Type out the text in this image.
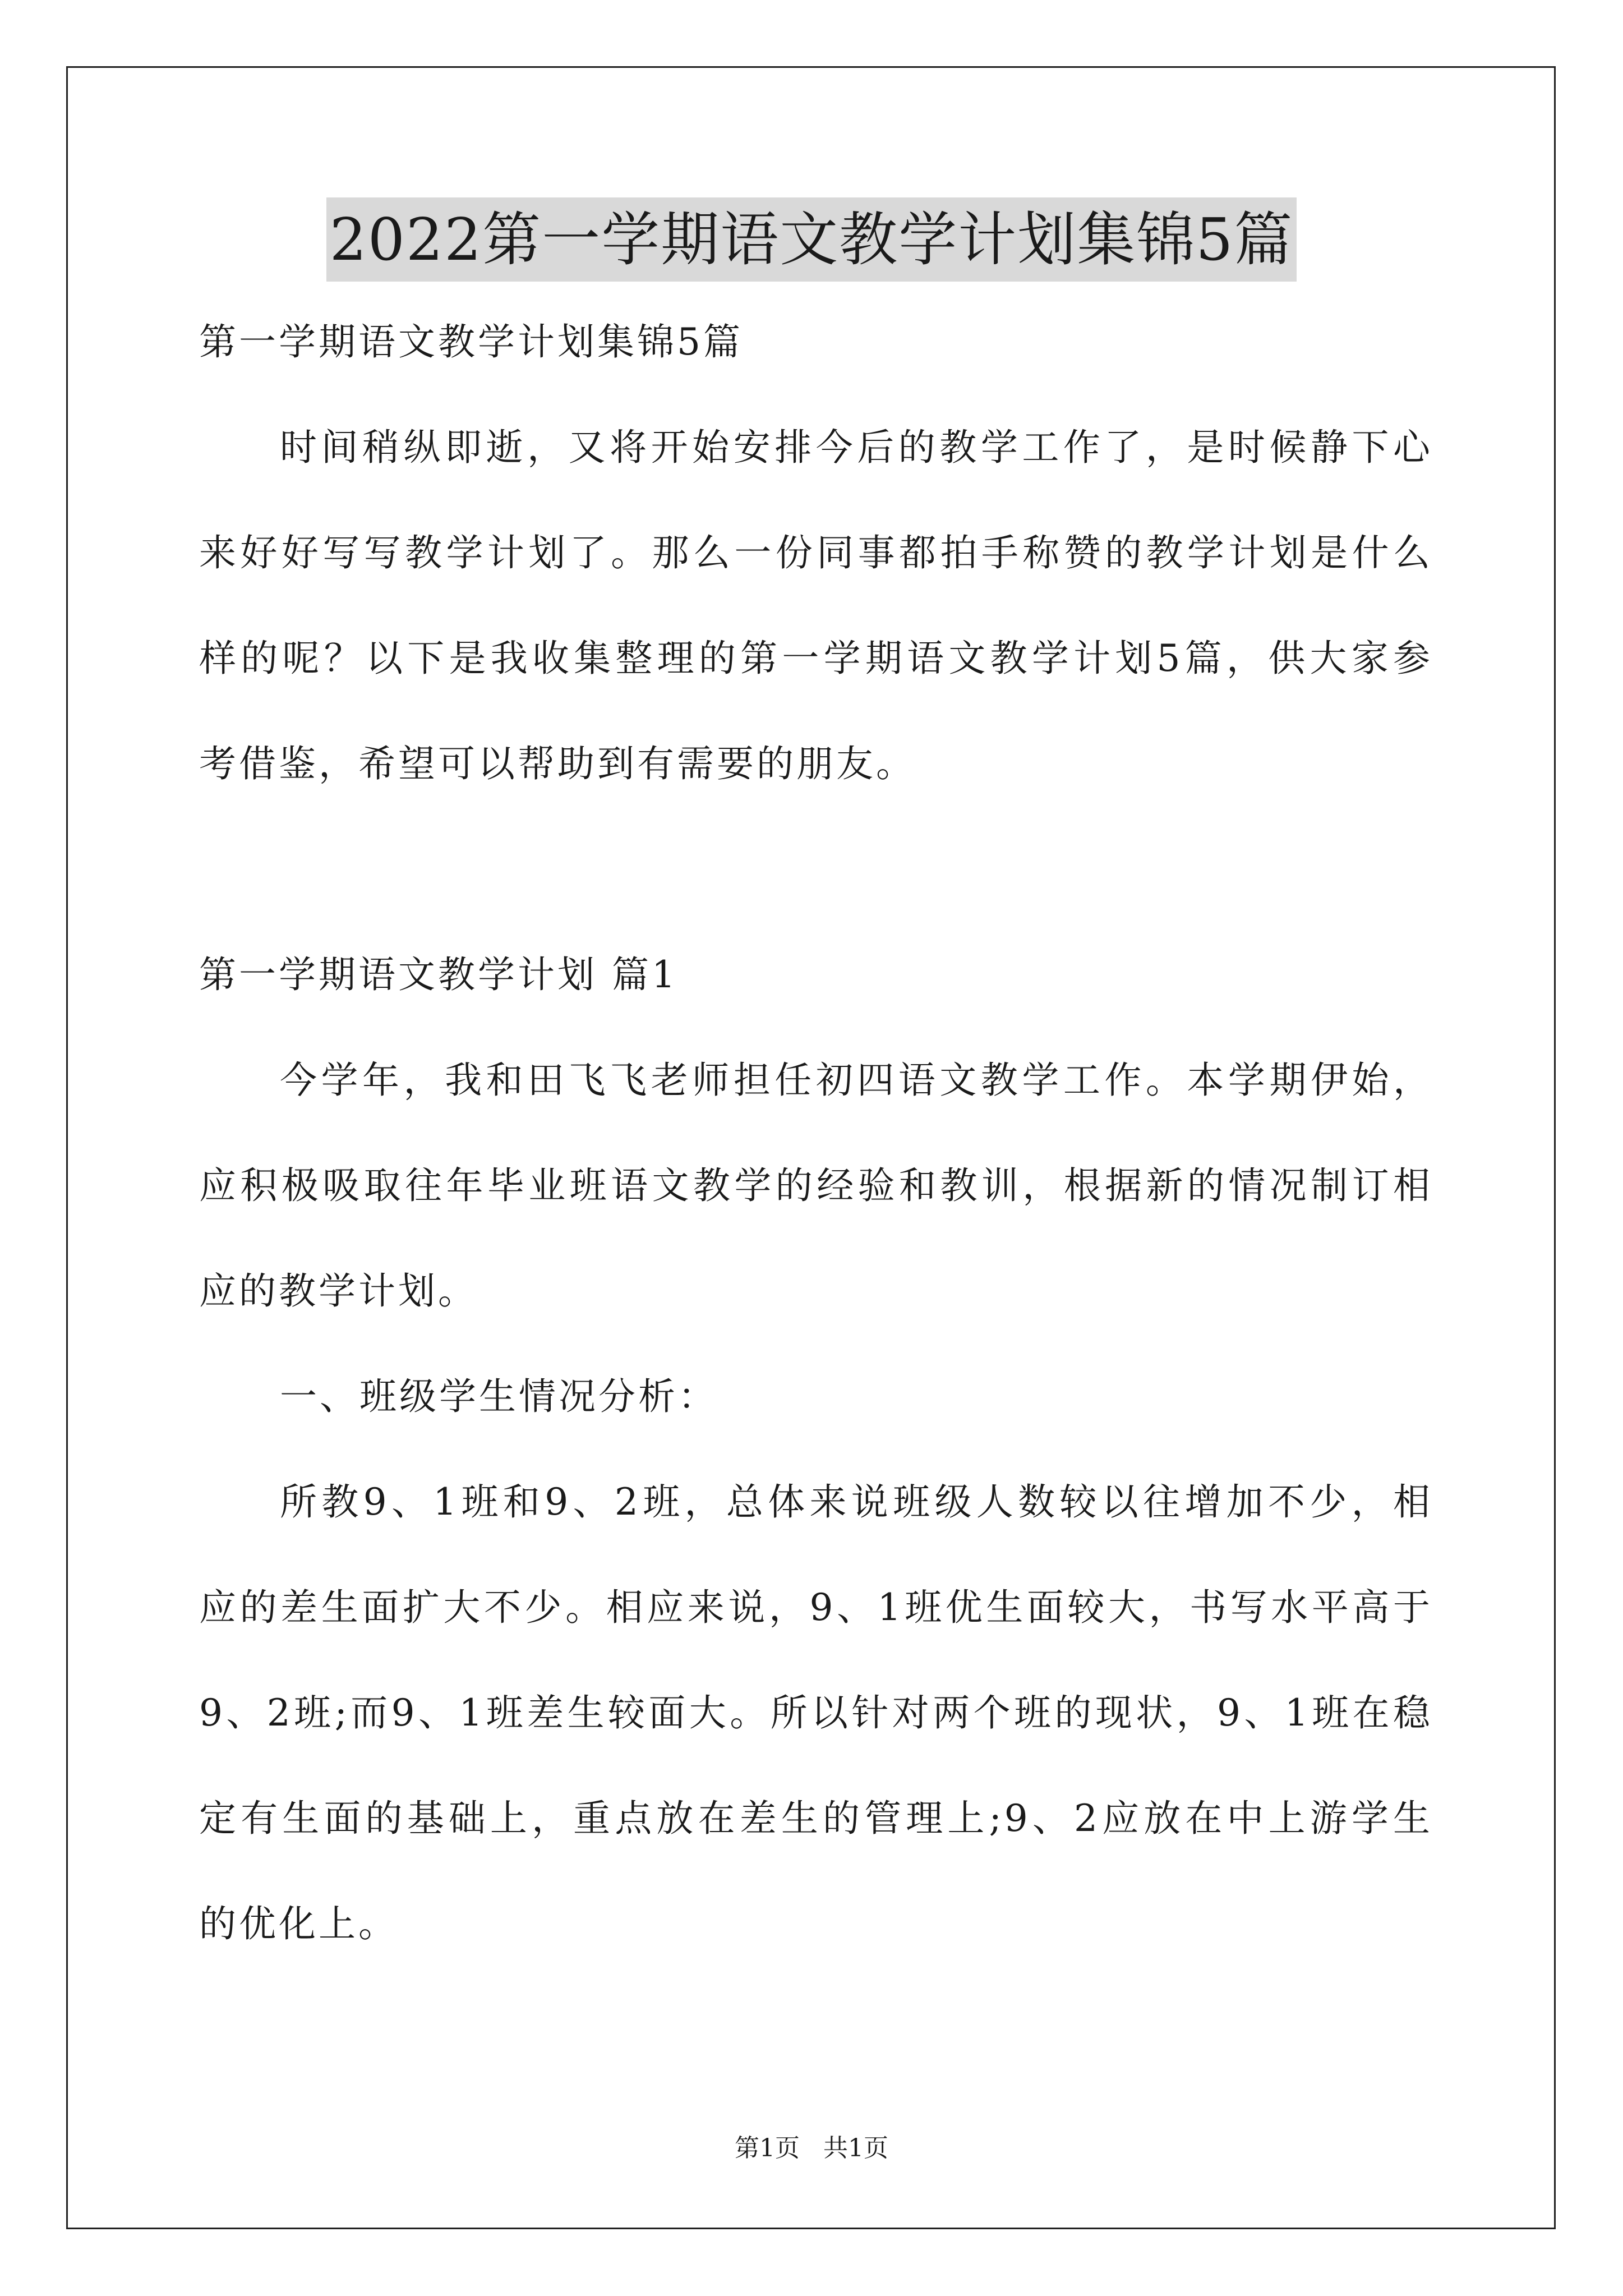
2022第一学期语文教学计划集锦5篇
第一学期语文教学计划集锦5篇
时间稍纵即逝，又将开始安排今后的教学工作了，是时候静下心
来好好写写教学计划了。那么一份同事都拍手称赞的教学计划是什么
样的呢？以下是我收集整理的第一学期语文教学计划5篇，供大家参
考借鉴，希望可以帮助到有需要的朋友。
第一学期语文教学计划 篇1
今学年，我和田飞飞老师担任初四语文教学工作。本学期伊始，
应积极吸取往年毕业班语文教学的经验和教训，根据新的情况制订相
应的教学计划。
一、班级学生情况分析：
所教9、1班和9、2班，总体来说班级人数较以往增加不少，相
应的差生面扩大不少。相应来说，9、1班优生面较大，书写水平高于
9、2班;而9、1班差生较面大。所以针对两个班的现状，9、1班在稳
定有生面的基础上，重点放在差生的管理上;9、2应放在中上游学生
的优化上。
第1页   共1页
